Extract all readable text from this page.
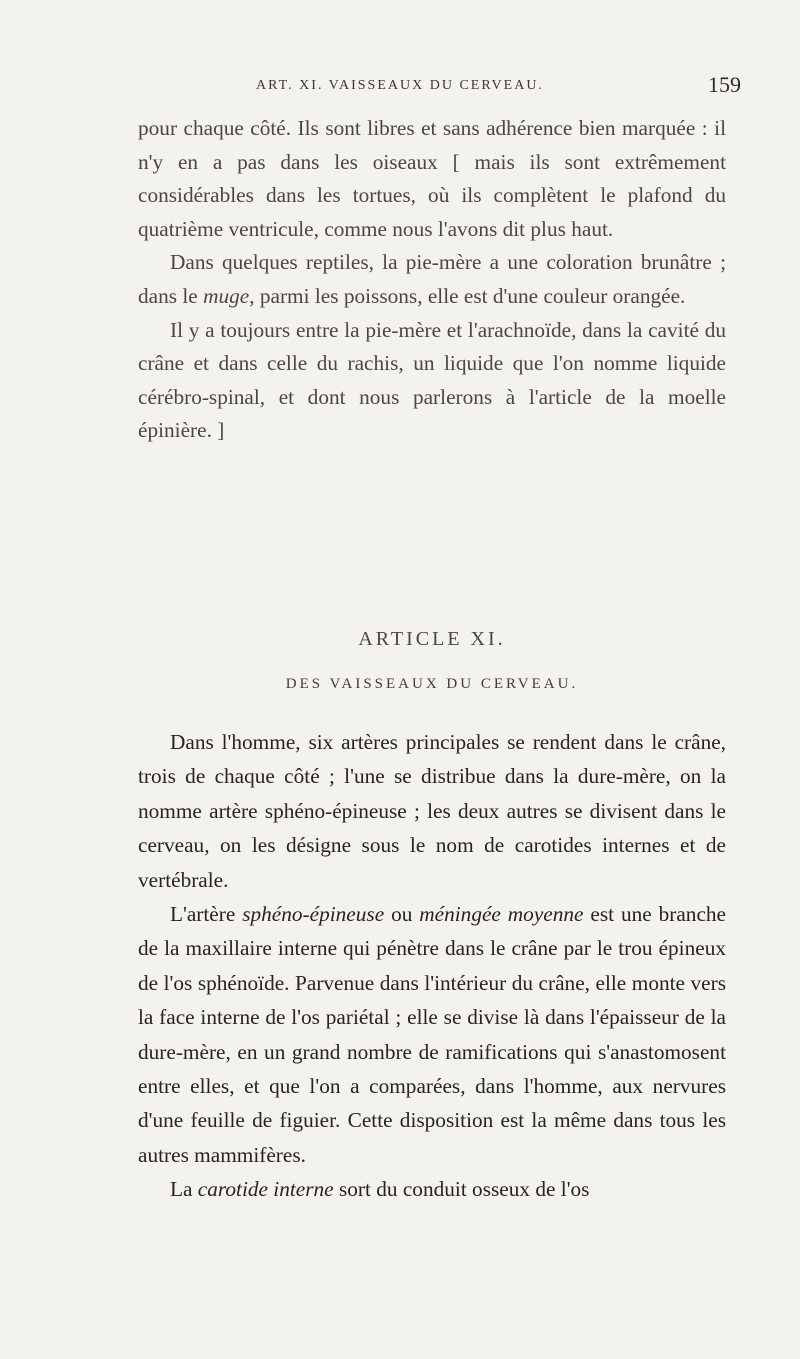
ART. XI. VAISSEAUX DU CERVEAU.	159

pour chaque côté. Ils sont libres et sans adhérence bien marquée : il n'y en a pas dans les oiseaux [ mais ils sont extrêmement considérables dans les tortues, où ils complètent le plafond du quatrième ventricule, comme nous l'avons dit plus haut.

Dans quelques reptiles, la pie-mère a une coloration brunâtre ; dans le muge, parmi les poissons, elle est d'une couleur orangée.

Il y a toujours entre la pie-mère et l'arachnoïde, dans la cavité du crâne et dans celle du rachis, un liquide que l'on nomme liquide cérébro-spinal, et dont nous parlerons à l'article de la moelle épinière. ]

ARTICLE XI.
DES VAISSEAUX DU CERVEAU.

Dans l'homme, six artères principales se rendent dans le crâne, trois de chaque côté ; l'une se distribue dans la dure-mère, on la nomme artère sphéno-épineuse ; les deux autres se divisent dans le cerveau, on les désigne sous le nom de carotides internes et de vertébrale.

L'artère sphéno-épineuse ou méningée moyenne est une branche de la maxillaire interne qui pénètre dans le crâne par le trou épineux de l'os sphénoïde. Parvenue dans l'intérieur du crâne, elle monte vers la face interne de l'os pariétal ; elle se divise là dans l'épaisseur de la dure-mère, en un grand nombre de ramifications qui s'anastomosent entre elles, et que l'on a comparées, dans l'homme, aux nervures d'une feuille de figuier. Cette disposition est la même dans tous les autres mammifères.

La carotide interne sort du conduit osseux de l'os
